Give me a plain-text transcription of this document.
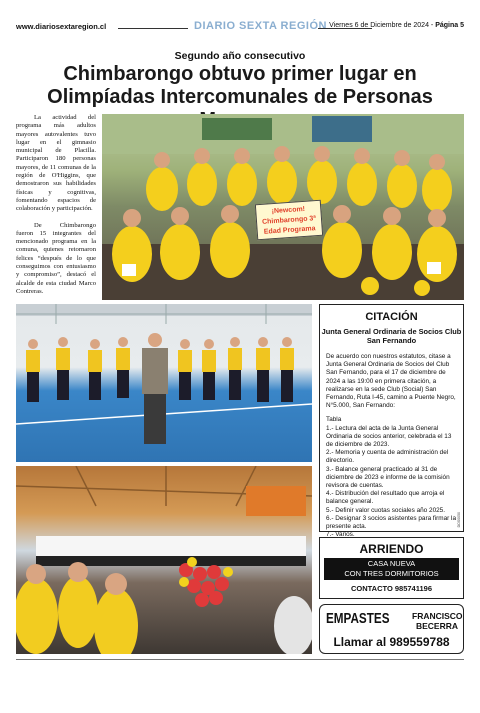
www.diariosextaregion.cl	DIARIO SEXTA REGIÓN Viernes 6 de Diciembre de 2024 - Página 5
Segundo año consecutivo
Chimbarongo obtuvo primer lugar en Olimpíadas Intercomunales de Personas

La actividad del programa más adultos mayores autovalentes tuvo lugar en el gimnasio municipal de Placilla. Participaron 180 personas mayores, de 11 comunas de la región de O'Higgins, que demostraron sus habilidades físicas y cognitivas, fomentando espacios de colaboración y participación.

De Chimbarongo fueron 15 integrantes del mencionado programa en la comuna, quienes retornaron felices “después de lo que conseguimos con entusiasmo y compromiso”, destacó el alcalde de esta ciudad Marco Contreras.

¡Newcom! Chimbarongo 3ª Edad Programa
CITACIÓN
Junta General Ordinaria de Socios Club San Fernando

De acuerdo con nuestros estatutos, citase a Junta General Ordinaria de Socios del Club San Fernando, para el 17 de diciembre de 2024 a las 19:00 en primera citación, a realizarse en la sede Club (Social) San Fernando, Ruta I-45, camino a Puente Negro, N°5.000, San Fernando:

Tabla
1.- Lectura del acta de la Junta General Ordinaria de socios anterior, celebrada el 13 de diciembre de 2023.
2.- Memoria y cuenta de administración del directorio.
3.- Balance general practicado al 31 de diciembre de 2023 e informe de la comisión revisora de cuentas.
4.- Distribución del resultado que arroja el balance general.
5.- Definir valor cuotas sociales año 2025.
6.- Designar 3 socios asistentes para firmar la presente acta.
7.- Varios.
DOS0050
ARRIENDO
CASA NUEVA
CON TRES DORMITORIOS
CONTACTO 985741196
EMPASTES	FRANCISCO
BECERRA
Llamar al 989559788
